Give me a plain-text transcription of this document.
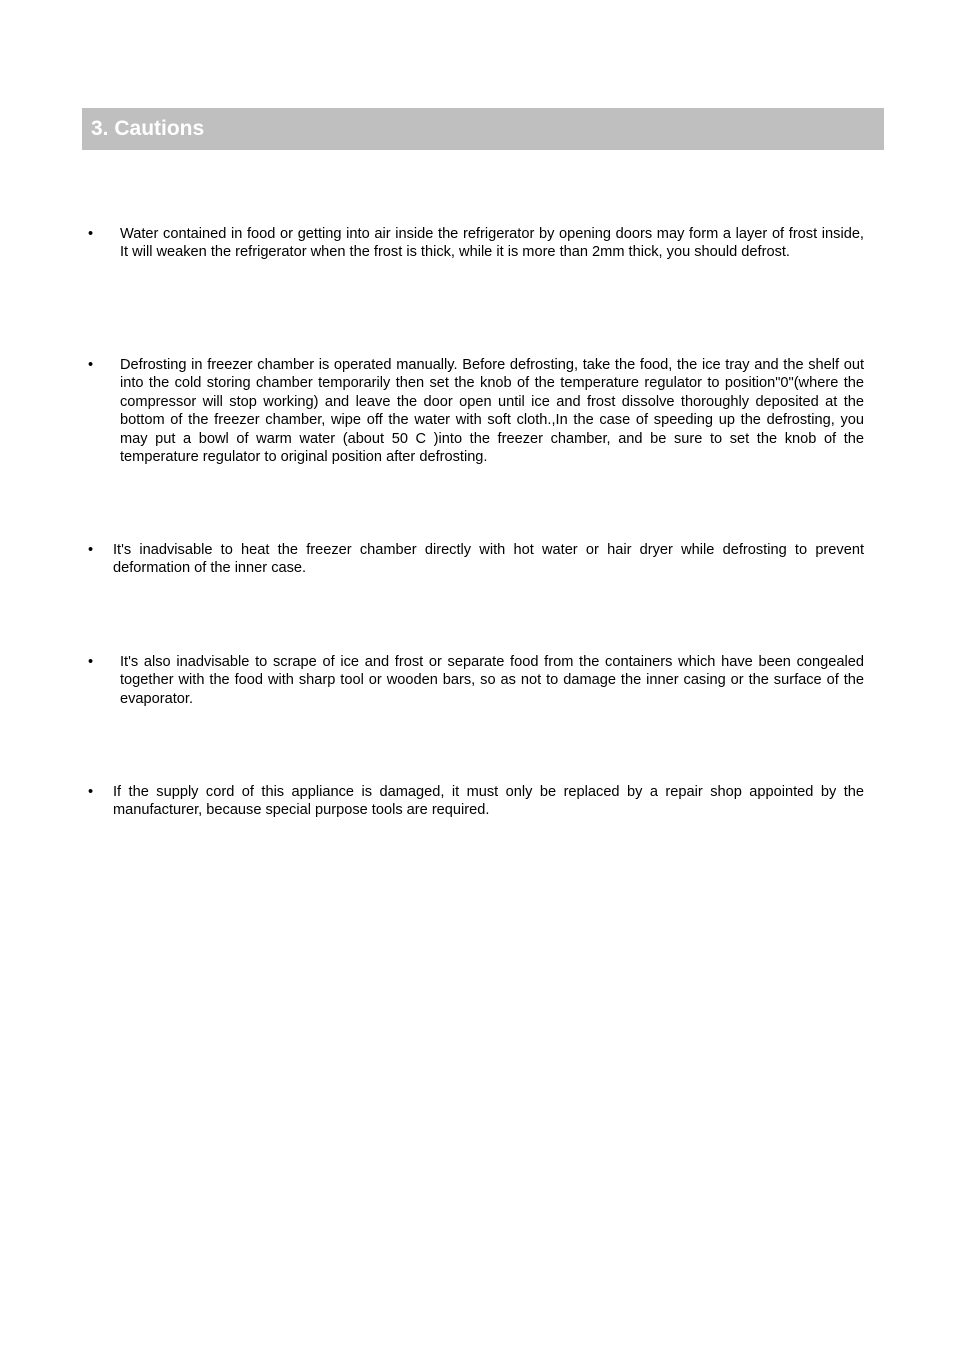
3. Cautions
•	Water contained in food or getting into air inside the refrigerator by opening doors may form a layer of frost inside, It will weaken the refrigerator when the frost is thick, while it is more than 2mm thick, you should defrost.
•	Defrosting in freezer chamber is operated manually. Before defrosting, take the food, the ice tray and the shelf out into the cold storing chamber temporarily then set the knob of the temperature regulator to position"0"(where the compressor will stop working) and leave the door open until ice and frost dissolve thoroughly deposited at the bottom of the freezer chamber, wipe off the water with soft cloth.,In the case of speeding up the defrosting, you may put a bowl of warm water (about 50 C )into the freezer chamber, and be sure to set the knob of the temperature regulator to original position after defrosting.
•	It's inadvisable to heat the freezer chamber directly with hot water or hair dryer while defrosting to prevent deformation of the inner case.
•	It's also inadvisable to scrape of ice and frost or separate food from the containers which have been congealed together with the food with sharp tool or wooden bars, so as not to damage the inner casing or the surface of the evaporator.
•	If the supply cord of this appliance is damaged, it must only be replaced by a repair shop appointed by the manufacturer, because special purpose tools are required.
